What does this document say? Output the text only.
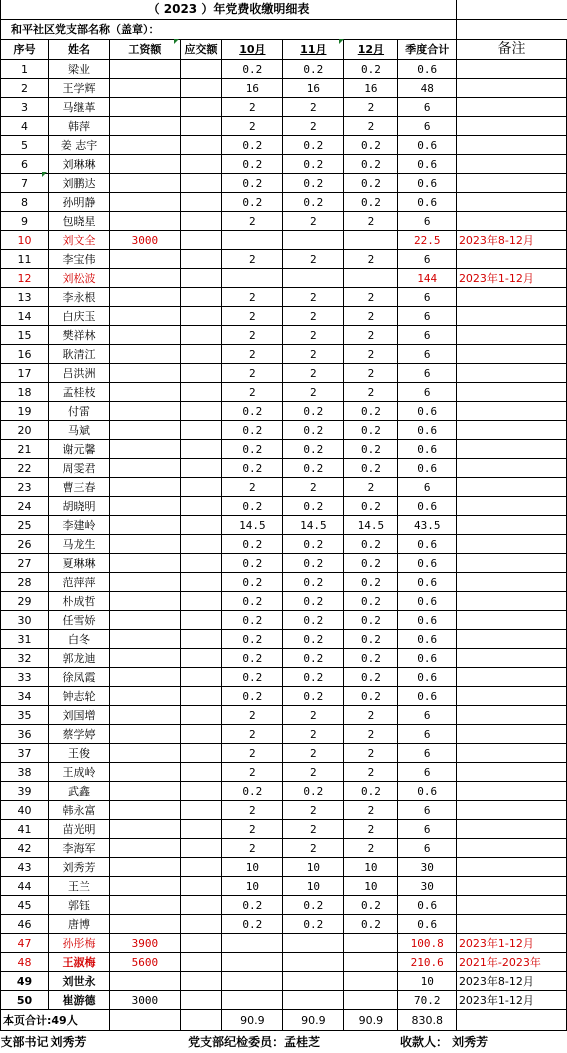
（ 2023 ）年党费收缴明细表								
和平社区党支部名称（盖章）：								
序号	姓名	工资额	应交额	10月	11月	12月	季度合计	备注
1	梁业			0.2	0.2	0.2	0.6	
2	王学辉			16	16	16	48	
3	马继革			2	2	2	6	
4	韩萍			2	2	2	6	
5	姜 志宇			0.2	0.2	0.2	0.6	
6	刘琳琳			0.2	0.2	0.2	0.6	
7	刘鹏达			0.2	0.2	0.2	0.6	
8	孙明静			0.2	0.2	0.2	0.6	
9	包晓星			2	2	2	6	
10	刘文全	3000					22.5	2023年8-12月
11	李宝伟			2	2	2	6	
12	刘松波						144	2023年1-12月
13	李永根			2	2	2	6	
14	白庆玉			2	2	2	6	
15	樊祥林			2	2	2	6	
16	耿清江			2	2	2	6	
17	吕洪洲			2	2	2	6	
18	孟桂枝			2	2	2	6	
19	付雷			0.2	0.2	0.2	0.6	
20	马斌			0.2	0.2	0.2	0.6	
21	谢元馨			0.2	0.2	0.2	0.6	
22	周雯君			0.2	0.2	0.2	0.6	
23	曹三春			2	2	2	6	
24	胡晓明			0.2	0.2	0.2	0.6	
25	李建岭			14.5	14.5	14.5	43.5	
26	马龙生			0.2	0.2	0.2	0.6	
27	夏琳琳			0.2	0.2	0.2	0.6	
28	范萍萍			0.2	0.2	0.2	0.6	
29	朴成哲			0.2	0.2	0.2	0.6	
30	任雪娇			0.2	0.2	0.2	0.6	
31	白冬			0.2	0.2	0.2	0.6	
32	郭龙迪			0.2	0.2	0.2	0.6	
33	徐凤霞			0.2	0.2	0.2	0.6	
34	钟志轮			0.2	0.2	0.2	0.6	
35	刘国增			2	2	2	6	
36	蔡学婷			2	2	2	6	
37	王俊			2	2	2	6	
38	王成岭			2	2	2	6	
39	武鑫			0.2	0.2	0.2	0.6	
40	韩永富			2	2	2	6	
41	苗光明			2	2	2	6	
42	李海军			2	2	2	6	
43	刘秀芳			10	10	10	30	
44	王兰			10	10	10	30	
45	郭钰			0.2	0.2	0.2	0.6	
46	唐博			0.2	0.2	0.2	0.6	
47	孙彤梅	3900					100.8	2023年1-12月
48	王淑梅	5600					210.6	2021年-2023年
49	刘世永						10	2023年8-12月
50	崔游德	3000					70.2	2023年1-12月
本页合计:49人				90.9	90.9	90.9	830.8	
支部书记	刘秀芳		党支部纪检委员：孟桂芝				收款人： 刘秀芳	
